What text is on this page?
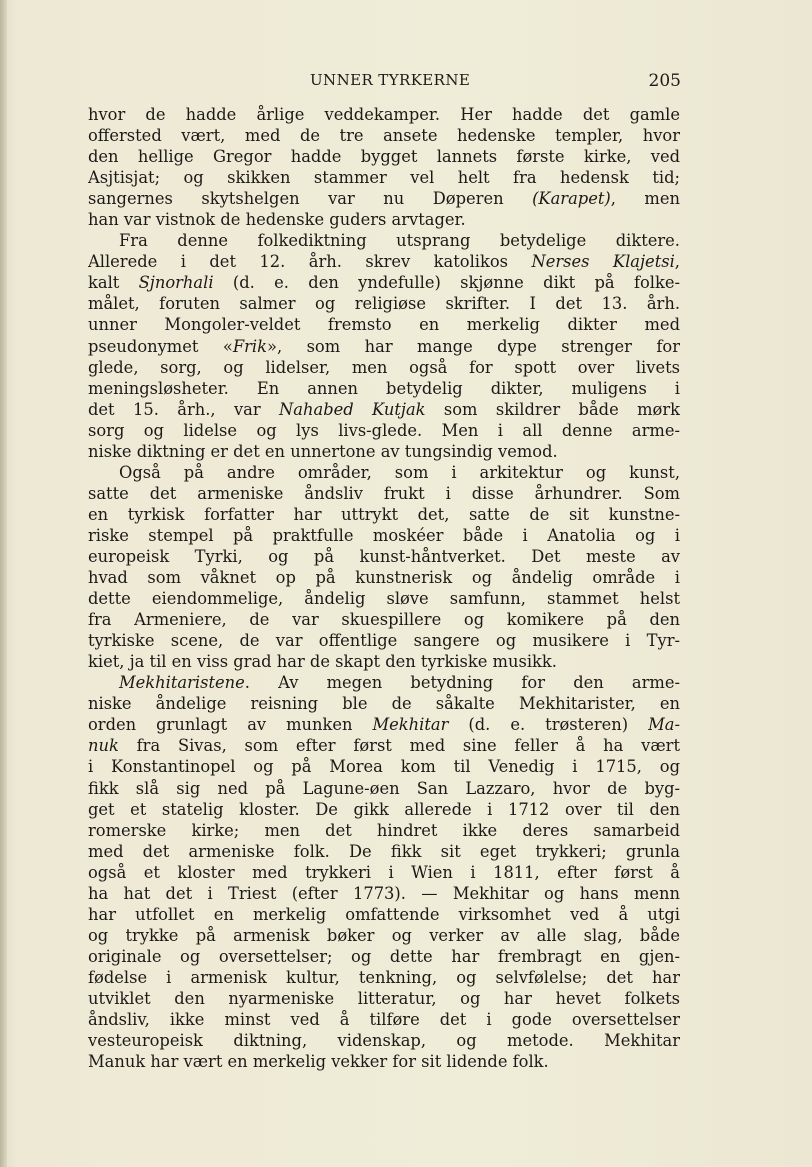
UNNER TYRKERNE	205
hvor de hadde årlige veddekamper. Her hadde det gamle
offersted vært, med de tre ansete hedenske templer, hvor
den hellige Gregor hadde bygget lannets første kirke, ved
Asjtisjat; og skikken stammer vel helt fra hedensk tid;
sangernes skytshelgen var nu Døperen (Karapet), men
han var vistnok de hedenske guders arvtager.
Fra denne folkediktning utsprang betydelige diktere.
Allerede i det 12. årh. skrev katolikos Nerses Klajetsi,
kalt Sjnorhali (d. e. den yndefulle) skjønne dikt på folke-
målet, foruten salmer og religiøse skrifter. I det 13. årh.
unner Mongoler-veldet fremsto en merkelig dikter med
pseudonymet «Frik», som har mange dype strenger for
glede, sorg, og lidelser, men også for spott over livets
meningsløsheter. En annen betydelig dikter, muligens i
det 15. årh., var Nahabed Kutjak som skildrer både mørk
sorg og lidelse og lys livs-glede. Men i all denne arme-
niske diktning er det en unnertone av tungsindig vemod.
Også på andre områder, som i arkitektur og kunst,
satte det armeniske åndsliv frukt i disse århundrer. Som
en tyrkisk forfatter har uttrykt det, satte de sit kunstne-
riske stempel på praktfulle moskéer både i Anatolia og i
europeisk Tyrki, og på kunst-håntverket. Det meste av
hvad som våknet op på kunstnerisk og åndelig område i
dette eiendommelige, åndelig sløve samfunn, stammet helst
fra Armeniere, de var skuespillere og komikere på den
tyrkiske scene, de var offentlige sangere og musikere i Tyr-
kiet, ja til en viss grad har de skapt den tyrkiske musikk.
Mekhitaristene. Av megen betydning for den arme-
niske åndelige reisning ble de såkalte Mekhitarister, en
orden grunlagt av munken Mekhitar (d. e. trøsteren) Ma-
nuk fra Sivas, som efter først med sine feller å ha vært
i Konstantinopel og på Morea kom til Venedig i 1715, og
fikk slå sig ned på Lagune-øen San Lazzaro, hvor de byg-
get et statelig kloster. De gikk allerede i 1712 over til den
romerske kirke; men det hindret ikke deres samarbeid
med det armeniske folk. De fikk sit eget trykkeri; grunla
også et kloster med trykkeri i Wien i 1811, efter først å
ha hat det i Triest (efter 1773). — Mekhitar og hans menn
har utfollet en merkelig omfattende virksomhet ved å utgi
og trykke på armenisk bøker og verker av alle slag, både
originale og oversettelser; og dette har frembragt en gjen-
fødelse i armenisk kultur, tenkning, og selvfølelse; det har
utviklet den nyarmeniske litteratur, og har hevet folkets
åndsliv, ikke minst ved å tilføre det i gode oversettelser
vesteuropeisk diktning, videnskap, og metode. Mekhitar
Manuk har vært en merkelig vekker for sit lidende folk.
